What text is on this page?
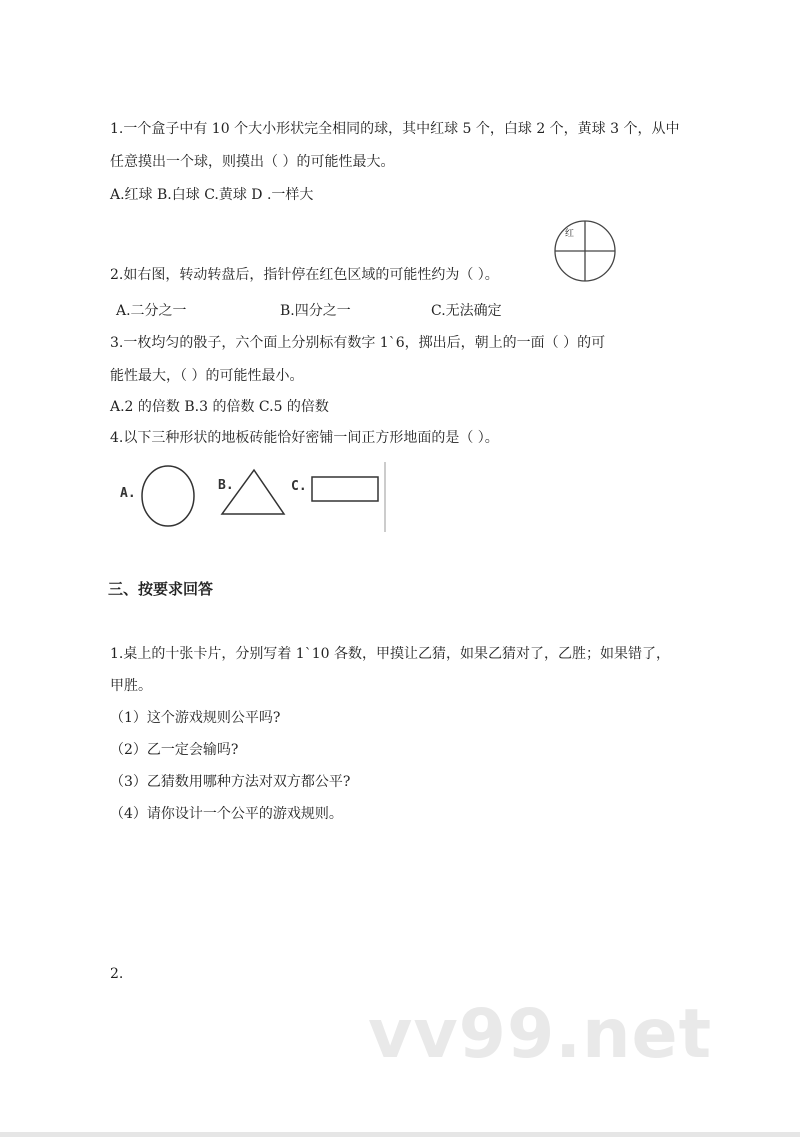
1.一个盒子中有 10 个大小形状完全相同的球，其中红球 5 个，白球 2 个，黄球 3 个，从中
任意摸出一个球，则摸出（ ）的可能性最大。
A.红球 B.白球 C.黄球 D .一样大
红
2.如右图，转动转盘后，指针停在红色区域的可能性约为（ ）。
A.二分之一	B.四分之一	C.无法确定
3.一枚均匀的骰子，六个面上分别标有数字 1`6，掷出后，朝上的一面（ ）的可
能性最大，（ ）的可能性最小。
A.2 的倍数 B.3 的倍数 C.5 的倍数
4.以下三种形状的地板砖能恰好密铺一间正方形地面的是（ ）。
A.
B.	C.
三、按要求回答
1.桌上的十张卡片，分别写着 1`10 各数，甲摸让乙猜，如果乙猜对了，乙胜；如果错了，
甲胜。
（1）这个游戏规则公平吗?
（2）乙一定会输吗?
（3）乙猜数用哪种方法对双方都公平?
（4）请你设计一个公平的游戏规则。
2.
vv99.net
